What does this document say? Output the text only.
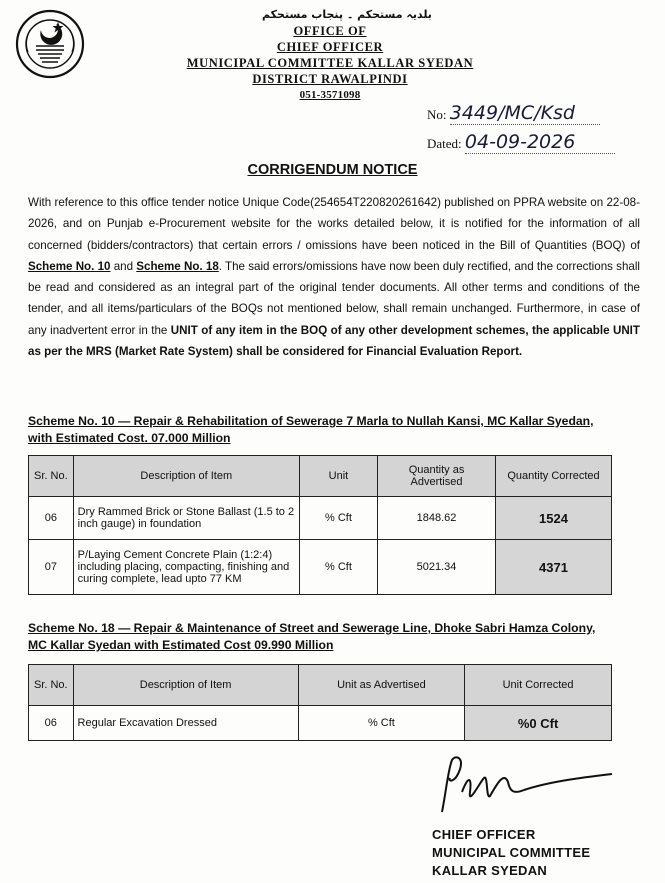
بلدیہ مستحکم ۔ پنجاب مستحکم
OFFICE OF
CHIEF OFFICER
MUNICIPAL COMMITTEE KALLAR SYEDAN
DISTRICT RAWALPINDI
051-3571098
No: 3449/MC/Ksd
Dated: 04-09-2026
CORRIGENDUM NOTICE
With reference to this office tender notice Unique Code(254654T220820261642) published on PPRA website on 22-08-2026, and on Punjab e-Procurement website for the works detailed below, it is notified for the information of all concerned (bidders/contractors) that certain errors / omissions have been noticed in the Bill of Quantities (BOQ) of Scheme No. 10 and Scheme No. 18. The said errors/omissions have now been duly rectified, and the corrections shall be read and considered as an integral part of the original tender documents. All other terms and conditions of the tender, and all items/particulars of the BOQs not mentioned below, shall remain unchanged. Furthermore, in case of any inadvertent error in the UNIT of any item in the BOQ of any other development schemes, the applicable UNIT as per the MRS (Market Rate System) shall be considered for Financial Evaluation Report.
Scheme No. 10 — Repair & Rehabilitation of Sewerage 7 Marla to Nullah Kansi, MC Kallar Syedan,
with Estimated Cost. 07.000 Million
Sr. No.	Description of Item	Unit	Quantity as Advertised	Quantity Corrected
06	Dry Rammed Brick or Stone Ballast (1.5 to 2 inch gauge) in foundation	% Cft	1848.62	1524
07	P/Laying Cement Concrete Plain (1:2:4) including placing, compacting, finishing and curing complete, lead upto 77 KM	% Cft	5021.34	4371
Scheme No. 18 — Repair & Maintenance of Street and Sewerage Line, Dhoke Sabri Hamza Colony,
MC Kallar Syedan with Estimated Cost 09.990 Million
Sr. No.	Description of Item	Unit as Advertised	Unit Corrected
06	Regular Excavation Dressed	% Cft	%0 Cft
CHIEF OFFICER
MUNICIPAL COMMITTEE
KALLAR SYEDAN
